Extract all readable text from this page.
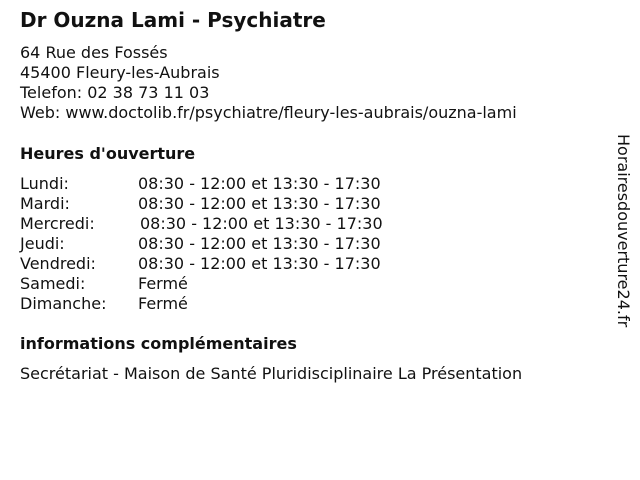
Dr Ouzna Lami - Psychiatre
64 Rue des Fossés
45400 Fleury-les-Aubrais
Telefon: 02 38 73 11 03
Web: www.doctolib.fr/psychiatre/fleury-les-aubrais/ouzna-lami
Heures d'ouverture
Lundi:	08:30 - 12:00 et 13:30 - 17:30
Mardi:	08:30 - 12:00 et 13:30 - 17:30
Mercredi:	08:30 - 12:00 et 13:30 - 17:30
Jeudi:	08:30 - 12:00 et 13:30 - 17:30
Vendredi:	08:30 - 12:00 et 13:30 - 17:30
Samedi:	Fermé
Dimanche: Fermé
informations complémentaires
Secrétariat - Maison de Santé Pluridisciplinaire La Présentation
Horairesdouverture24.fr
